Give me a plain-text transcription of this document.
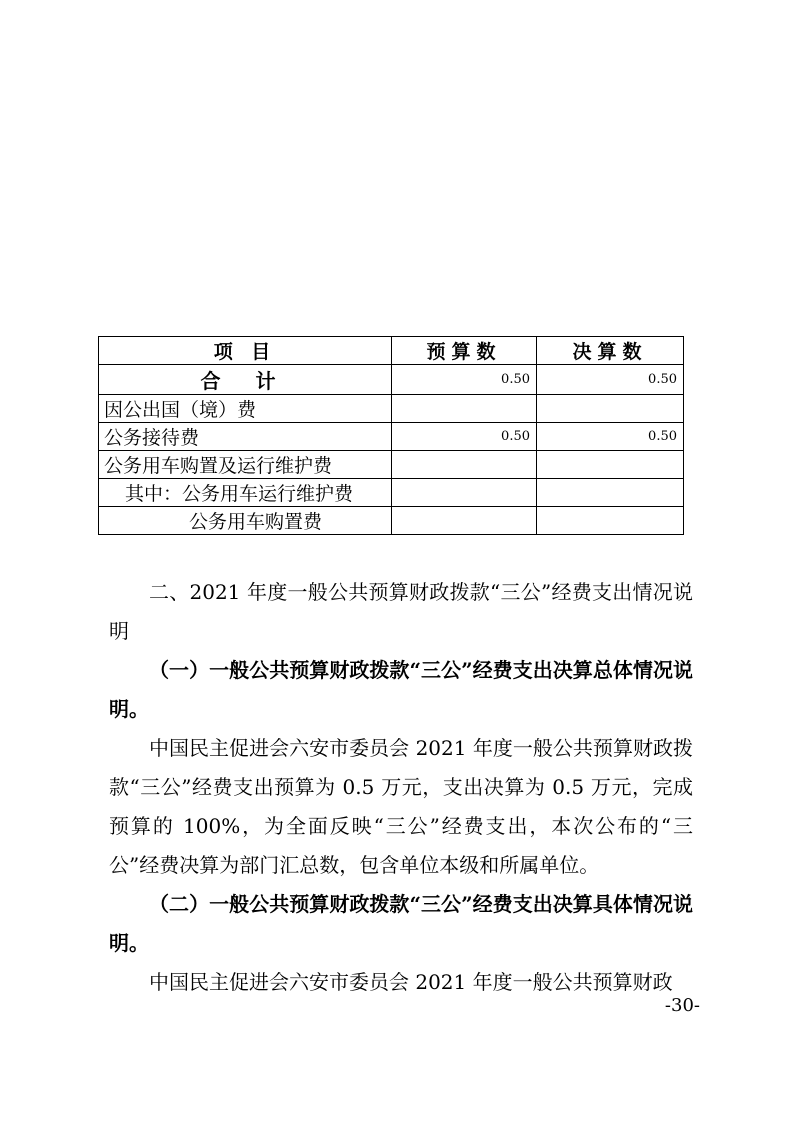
项 目	预算数	决算数
合 计	0.50	0.50
因公出国（境）费		
公务接待费	0.50	0.50
公务用车购置及运行维护费		
其中：公务用车运行维护费		
公务用车购置费		

二、2021 年度一般公共预算财政拨款“三公”经费支出情况说明

（一）一般公共预算财政拨款“三公”经费支出决算总体情况说明。

中国民主促进会六安市委员会 2021 年度一般公共预算财政拨款“三公”经费支出预算为 0.5 万元，支出决算为 0.5 万元，完成预算的 100%，为全面反映“三公”经费支出，本次公布的“三公”经费决算为部门汇总数，包含单位本级和所属单位。

（二）一般公共预算财政拨款“三公”经费支出决算具体情况说明。

中国民主促进会六安市委员会 2021 年度一般公共预算财政

-30-
